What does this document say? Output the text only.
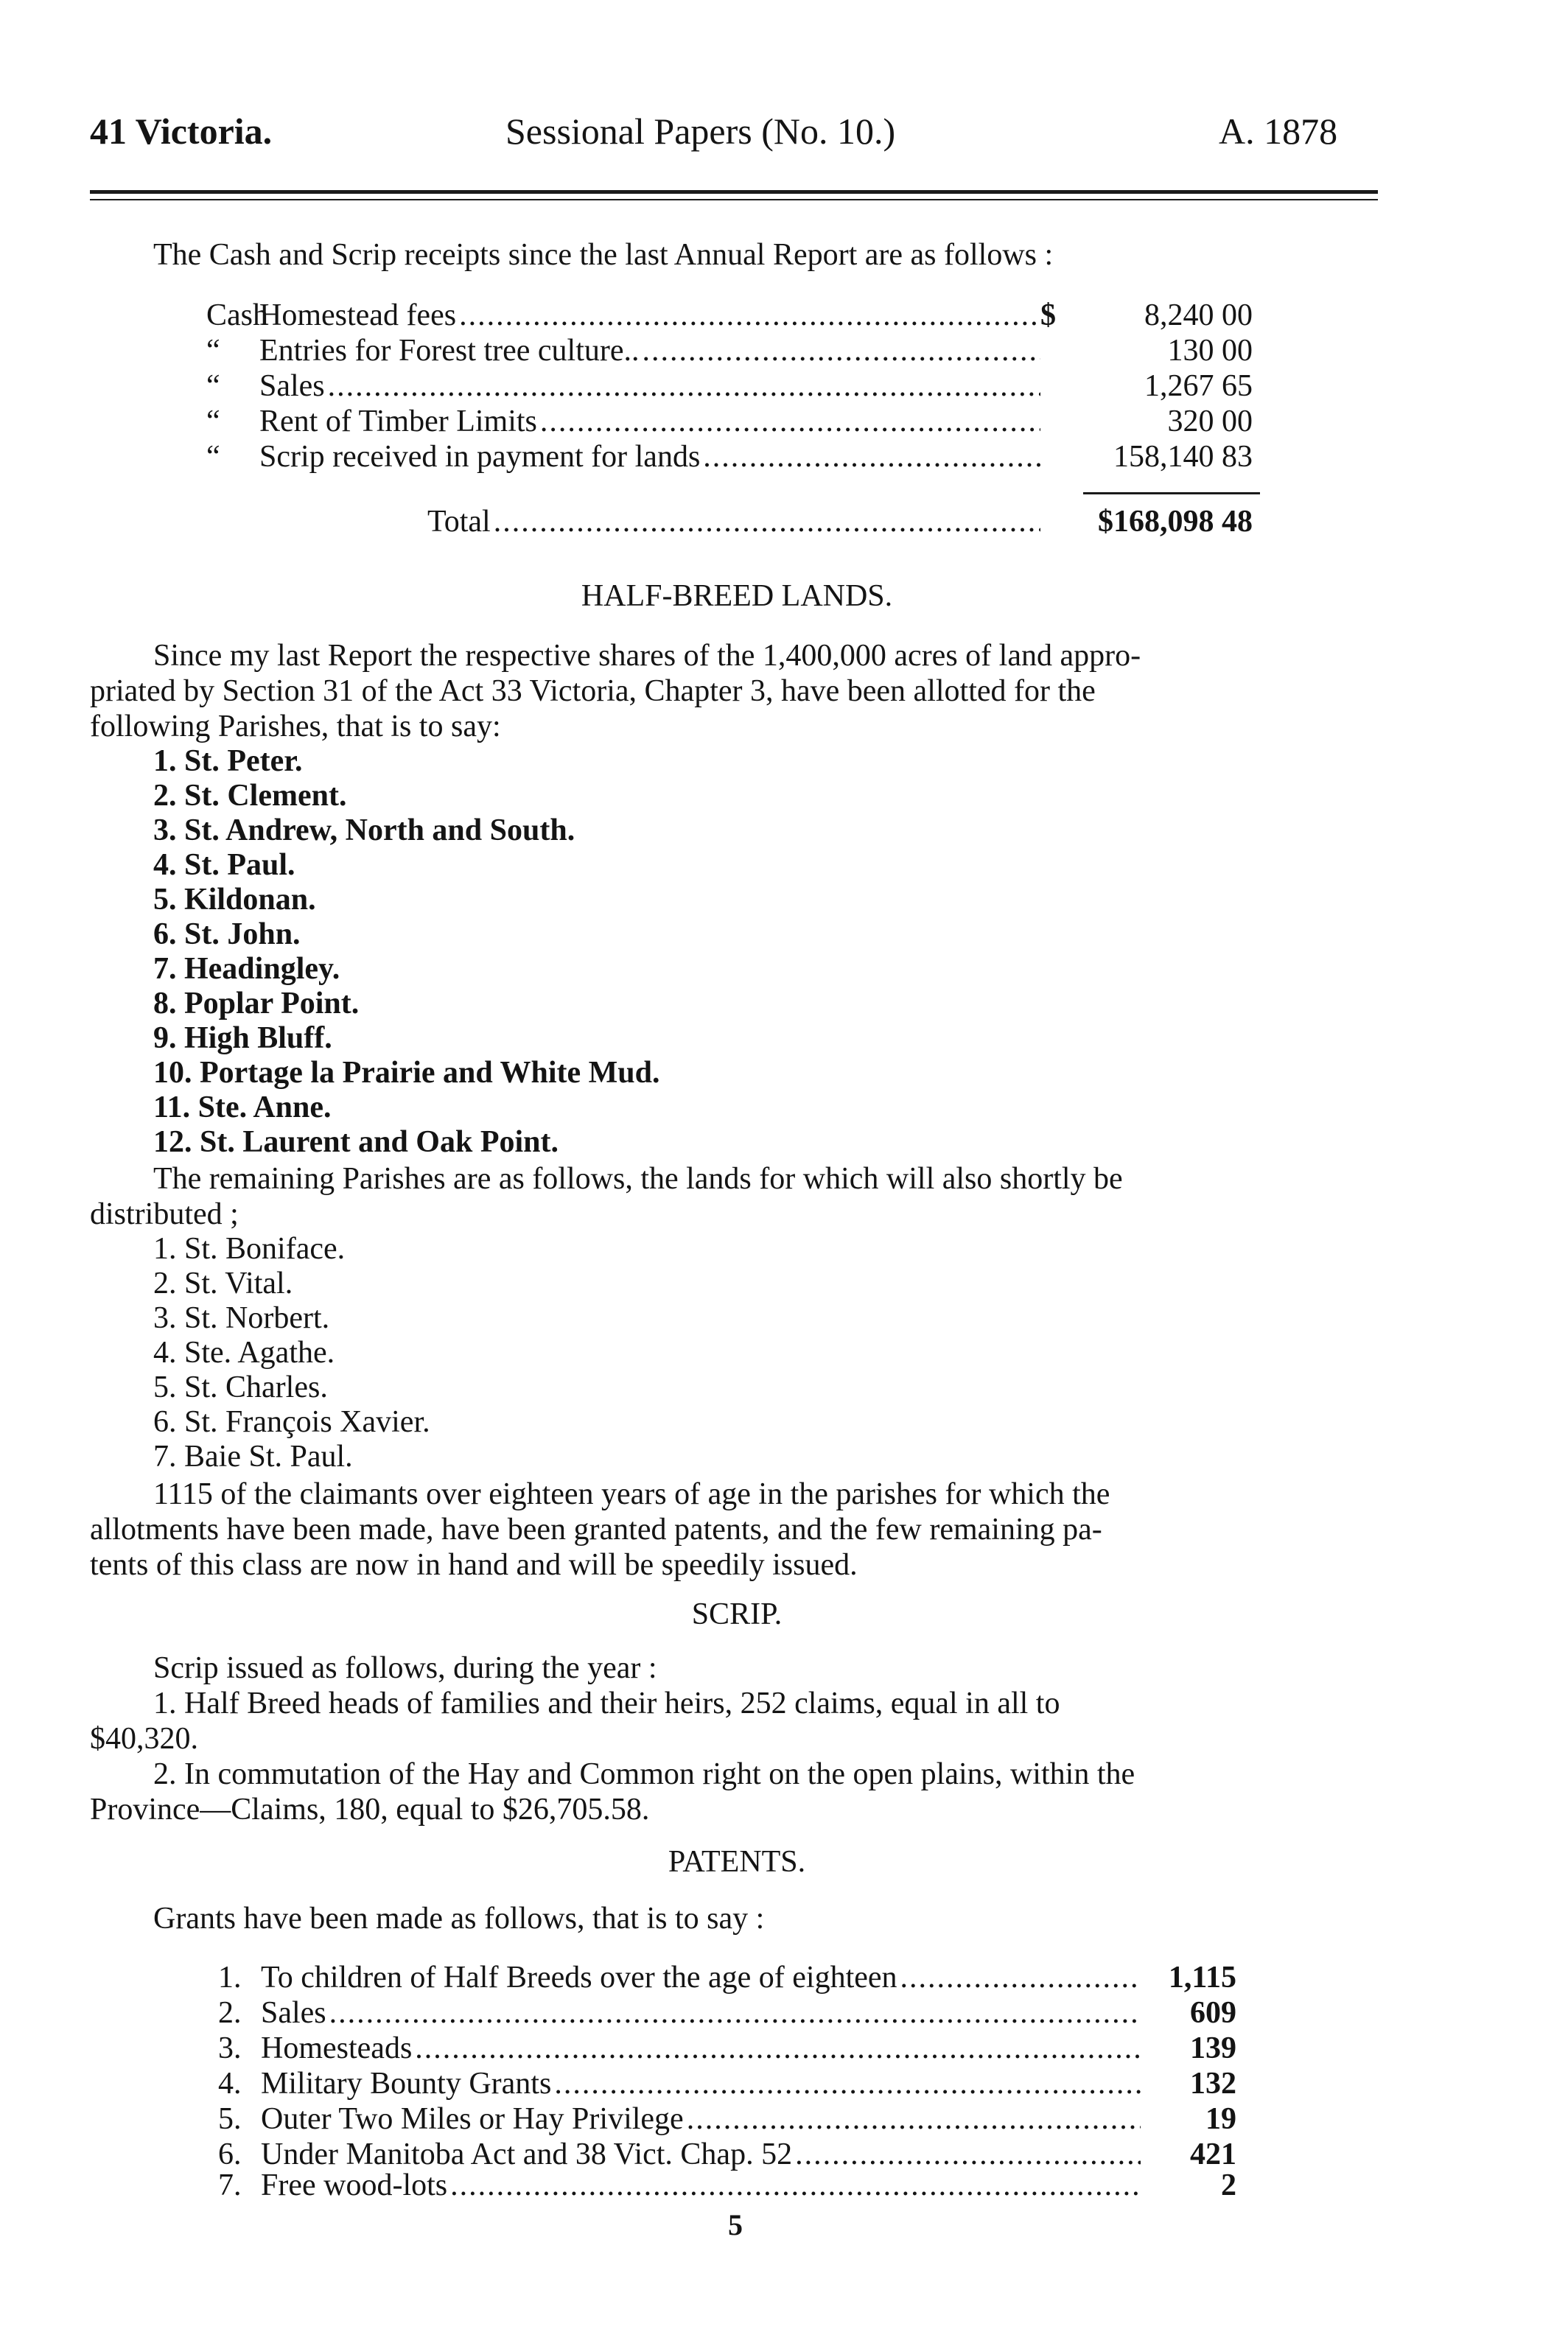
41 Victoria.	Sessional Papers (No. 10.)	A. 1878
The Cash and Scrip receipts since the last Annual Report are as follows :
Cash
Homestead fees .....	$	8,240 00
“	Entries for Forest tree culture.. .....	130 00
“	Sales .....	1,267 65
“	Rent of Timber Limits .....	320 00
“	Scrip received in payment for lands .....	158,140 83
Total .....	$168,098 48
HALF-BREED LANDS.
Since my last Report the respective shares of the 1,400,000 acres of land appro-
priated by Section 31 of the Act 33 Victoria, Chapter 3, have been allotted for the
following Parishes, that is to say:
1. St. Peter.
2. St. Clement.
3. St. Andrew, North and South.
4. St. Paul.
5. Kildonan.
6. St. John.
7. Headingley.
8. Poplar Point.
9. High Bluff.
10. Portage la Prairie and White Mud.
11. Ste. Anne.
12. St. Laurent and Oak Point.
The remaining Parishes are as follows, the lands for which will also shortly be
distributed ;
1. St. Boniface.
2. St. Vital.
3. St. Norbert.
4. Ste. Agathe.
5. St. Charles.
6. St. François Xavier.
7. Baie St. Paul.
1115 of the claimants over eighteen years of age in the parishes for which the
allotments have been made, have been granted patents, and the few remaining pa-
tents of this class are now in hand and will be speedily issued.
SCRIP.
Scrip issued as follows, during the year :
1. Half Breed heads of families and their heirs, 252 claims, equal in all to
$40,320.
2. In commutation of the Hay and Common right on the open plains, within the
Province—Claims, 180, equal to $26,705.58.
PATENTS.
Grants have been made as follows, that is to say :
1. To children of Half Breeds over the age of eighteen .....	1,115
2. Sales .....	609
3. Homesteads .....	139
4. Military Bounty Grants .....	132
5. Outer Two Miles or Hay Privilege .....	19
6. Under Manitoba Act and 38 Vict. Chap. 52 .....	421
7. Free wood-lots .....	2
5
